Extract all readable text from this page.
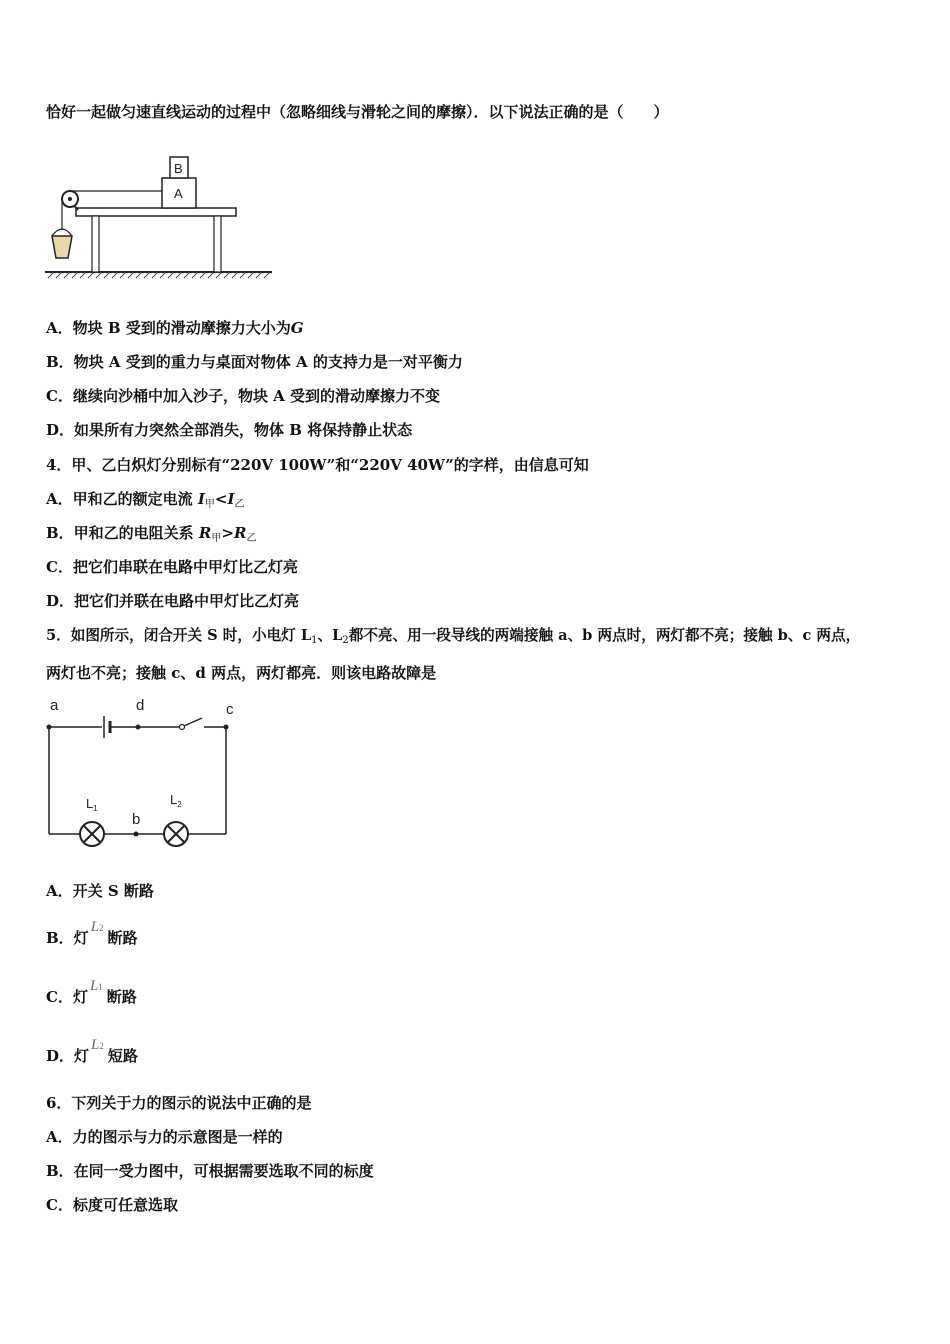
恰好一起做匀速直线运动的过程中（忽略细线与滑轮之间的摩擦）．以下说法正确的是（　　）
A
B
A．物块 B 受到的滑动摩擦力大小为G
B．物块 A 受到的重力与桌面对物体 A 的支持力是一对平衡力
C．继续向沙桶中加入沙子，物块 A 受到的滑动摩擦力不变
D．如果所有力突然全部消失，物体 B 将保持静止状态
4．甲、乙白炽灯分别标有“220V 100W”和“220V 40W”的字样，由信息可知
A．甲和乙的额定电流 $I_甲<I_乙$
B．甲和乙的电阻关系 $R_甲>R_乙$
C．把它们串联在电路中甲灯比乙灯亮
D．把它们并联在电路中甲灯比乙灯亮
5．如图所示，闭合开关 S 时，小电灯 $L_1$、$L_2$都不亮、用一段导线的两端接触 a、b 两点时，两灯都不亮；接触 b、c 两点，
两灯也不亮；接触 c、d 两点，两灯都亮．则该电路故障是
a	d	c
b
$L_1$
$L_2$
A．开关 S 断路
B．灯L2断路
C．灯L1断路
D．灯L2短路
6．下列关于力的图示的说法中正确的是
A．力的图示与力的示意图是一样的
B．在同一受力图中，可根据需要选取不同的标度
C．标度可任意选取
